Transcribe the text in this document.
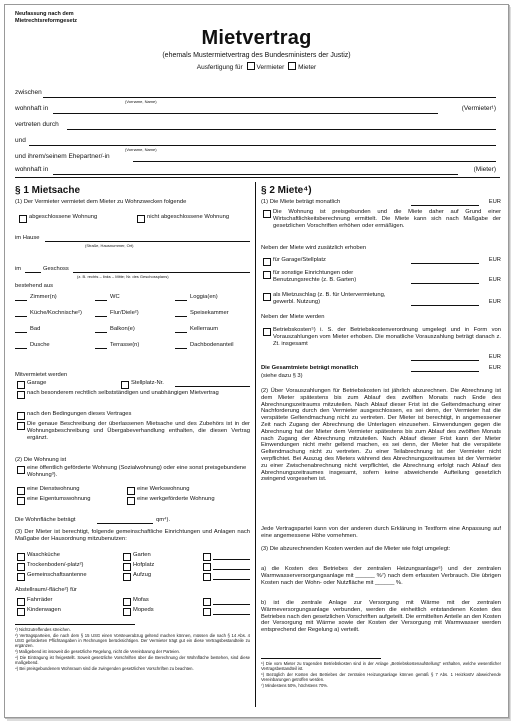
Neufassung nach dem Mietrechtsreformgesetz
Mietvertrag
(ehemals Mustermietvertrag des Bundesministers der Justiz)
Ausfertigung für Vermieter Mieter
zwischen
(Vorname, Name)
wohnhaft in	(Vermieter¹)
vertreten durch
und
(Vorname, Name)
und ihrem/seinem Ehepartner/-in
wohnhaft in	(Mieter)
§ 1 Mietsache
(1) Der Vermieter vermietet dem Mieter zu Wohnzwecken folgende
abgeschlossene Wohnung	nicht abgeschlossene Wohnung
im Hause
(Straße, Hausnummer, Ort)
im	Geschoss
(z. B. rechts – links – Mitte; Nr. des Geschossplans)
bestehend aus
Zimmer(n)	WC	Loggia(en)
Küche/Kochnische²)	Flur/Diele²)	Speisekammer
Bad	Balkon(e)	Kellerraum
Dusche	Terrasse(n)	Dachbodenanteil
Mitvermietet werden
Garage	Stellplatz-Nr.
nach besonderem rechtlich selbstständigen und unabhängigen Mietvertrag
nach den Bedingungen dieses Vertrages
Die genaue Beschreibung der überlassenen Mietsache und des Zubehörs ist in der Wohnungsbeschreibung und Übergabeverhandlung enthalten, die diesen Vertrag ergänzt.
(2) Die Wohnung ist
eine öffentlich geförderte Wohnung (Sozialwohnung) oder eine sonst preisgebundene Wohnung³).
eine Dienstwohnung	eine Werkswohnung
eine Eigentumswohnung	eine werkgeförderte Wohnung
Die Wohnfläche beträgt	qm⁴).
(3) Der Mieter ist berechtigt, folgende gemeinschaftliche Einrichtungen und Anlagen nach Maßgabe der Hausordnung mitzubenutzen:
Waschküche	Garten
Trockenboden/-platz²)	Hofplatz
Gemeinschaftsantenne	Aufzug
Abstellraum/-fläche²) für
Fahrräder	Mofas
Kinderwagen	Mopeds
¹) Nichtzutreffendes streichen.
²) Vertragsparteien, die nach dem § 15 USG einen Vorsteuerabzug geltend machen können, müssen die nach § 14 Abs. 4 USG geforderten Pflichtangaben in Rechnungen berücksichtigen. Der Vermieter trägt gut ein diese Vertragsbestandteile zu ergänzen.
³) Maßgebend ist insoweit die gesetzliche Regelung, nicht die Vereinbarung der Parteien.
⁴) Die Eintragung ist freigestellt. Soweit gesetzliche Vorschriften über die Berechnung der Wohnfläche bestehen, sind diese maßgebend.
⁴) Bei preisgebundenem Wohnraum sind die zwingenden gesetzlichen Vorschriften zu beachten.
§ 2 Miete⁴)
(1) Die Miete beträgt monatlich	EUR
Die Wohnung ist preisgebunden und die Miete daher auf Grund einer Wirtschaftlichkeitsberechnung ermittelt. Die Miete kann sich nach Maßgabe der gesetzlichen Vorschriften erhöhen oder ermäßigen.
Neben der Miete wird zusätzlich erhoben
für Garage/Stellplatz	EUR
für sonstige Einrichtungen oder Benutzungsrechte (z. B. Garten)	EUR
als Mietzuschlag (z. B. für Untervermietung, gewerbl. Nutzung)	EUR
Neben der Miete werden
Betriebskosten⁵) i. S. der Betriebskostenverordnung umgelegt und in Form von Vorauszahlungen vom Mieter erhoben. Die monatliche Vorauszahlung beträgt danach z. Zt. insgesamt
EUR
Die Gesamtmiete beträgt monatlich	EUR
(siehe dazu § 3)
(2) Über Vorauszahlungen für Betriebskosten ist jährlich abzurechnen. Die Abrechnung ist dem Mieter spätestens bis zum Ablauf des zwölften Monats nach Ende des Abrechnungszeitraums mitzuteilen. Nach Ablauf dieser Frist ist die Geltendmachung einer Nachforderung durch den Vermieter ausgeschlossen, es sei denn, der Vermieter hat die verspätete Geltendmachung nicht zu vertreten. Der Mieter ist berechtigt, in angemessener Zeit nach Zugang der Abrechnung die Unterlagen einzusehen. Einwendungen gegen die Abrechnung hat der Mieter dem Vermieter spätestens bis zum Ablauf des zwölften Monats nach Zugang der Abrechnung mitzuteilen. Nach Ablauf dieser Frist kann der Mieter Einwendungen nicht mehr geltend machen, es sei denn, der Mieter hat die verspätete Geltendmachung nicht zu vertreten. Zu einer Teilabrechnung ist der Vermieter nicht verpflichtet. Bei Auszug des Mieters während des Abrechnungszeitraumes ist der Vermieter zu einer Zwischenabrechnung nicht verpflichtet, die Abrechnung erfolgt nach Ablauf des Abrechnungszeitraumes insgesamt, sofern keine abweichende Aufteilung gesetzlich zwingend vorgesehen ist.
Jede Vertragspartei kann von der anderen durch Erklärung in Textform eine Anpassung auf eine angemessene Höhe vornehmen.
(3) Die abzurechnenden Kosten werden auf die Mieter wie folgt umgelegt:
a) die Kosten des Betriebes der zentralen Heizungsanlage⁶) und der zentralen Warmwasserversorgungsanlage mit ______ %⁷) nach dem erfassten Verbrauch. Die übrigen Kosten nach der Wohn- oder Nutzfläche mit ______ %.
b) ist die zentrale Anlage zur Versorgung mit Wärme mit der zentralen Wärmeversorgungsanlage verbunden, werden die einheitlich entstandenen Kosten des Betriebes nach den gesetzlichen Vorschriften aufgeteilt. Die ermittelten Anteile an den Kosten der Versorgung mit Wärme sowie der Kosten der Versorgung mit Warmwasser werden entsprechend der Regelung a) verteilt.
⁵) Die vom Mieter zu tragenden Betriebskosten sind in der Anlage „Betriebskostenaufstellung" enthalten, welche wesentlicher Vertragsbestandteil ist.
⁶) Bezüglich der Kosten des Betriebes der zentralen Heizungsanlage können gemäß § 7 Abs. 1 HeizkostV abweichende Vereinbarungen getroffen werden.
⁷) Mindestens 50%, höchstens 70%.
